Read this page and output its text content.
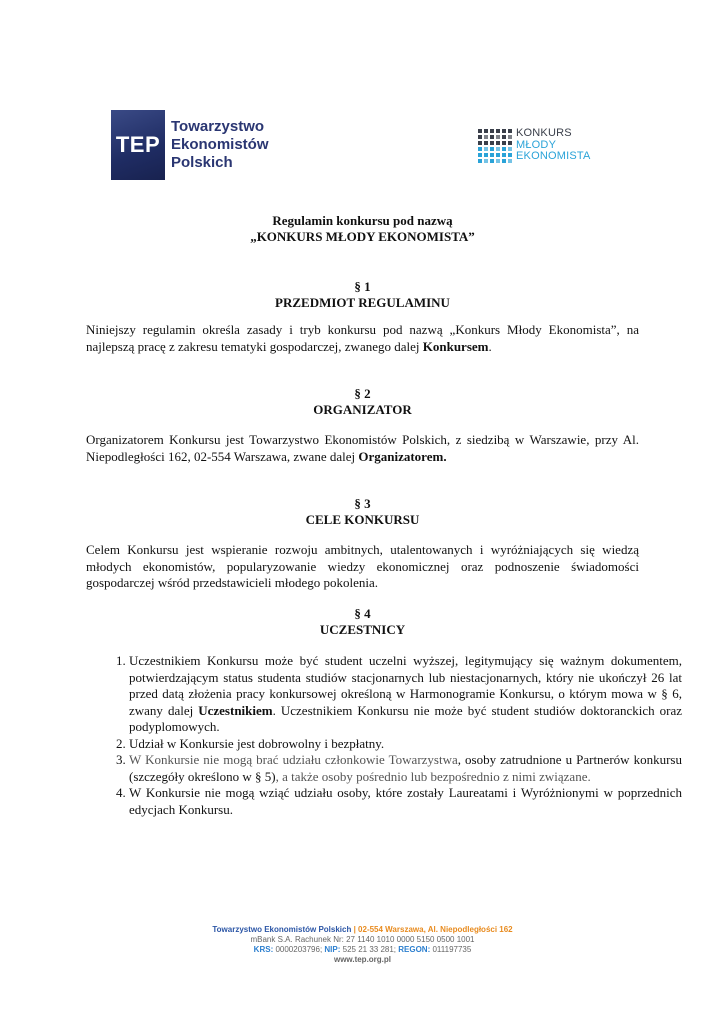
TEP
Towarzystwo
Ekonomistów
Polskich
KONKURS
MŁODY
EKONOMISTA
Regulamin konkursu pod nazwą
„KONKURS MŁODY EKONOMISTA”
§ 1
PRZEDMIOT REGULAMINU
Niniejszy regulamin określa zasady i tryb konkursu pod nazwą „Konkurs Młody Ekonomista”, na najlepszą pracę z zakresu tematyki gospodarczej, zwanego dalej Konkursem.
§ 2
ORGANIZATOR
Organizatorem Konkursu jest Towarzystwo Ekonomistów Polskich, z siedzibą w Warszawie, przy Al. Niepodległości 162, 02-554 Warszawa, zwane dalej Organizatorem.
§ 3
CELE KONKURSU
Celem Konkursu jest wspieranie rozwoju ambitnych, utalentowanych i wyróżniających się wiedzą młodych ekonomistów, popularyzowanie wiedzy ekonomicznej oraz podnoszenie świadomości gospodarczej wśród przedstawicieli młodego pokolenia.
§ 4
UCZESTNICY
1. Uczestnikiem Konkursu może być student uczelni wyższej, legitymujący się ważnym dokumentem, potwierdzającym status studenta studiów stacjonarnych lub niestacjonarnych, który nie ukończył 26 lat przed datą złożenia pracy konkursowej określoną w Harmonogramie Konkursu, o którym mowa w § 6, zwany dalej Uczestnikiem. Uczestnikiem Konkursu nie może być student studiów doktoranckich oraz podyplomowych.
2. Udział w Konkursie jest dobrowolny i bezpłatny.
3. W Konkursie nie mogą brać udziału członkowie Towarzystwa, osoby zatrudnione u Partnerów konkursu (szczegóły określono w § 5), a także osoby pośrednio lub bezpośrednio z nimi związane.
4. W Konkursie nie mogą wziąć udziału osoby, które zostały Laureatami i Wyróżnionymi w poprzednich edycjach Konkursu.
Towarzystwo Ekonomistów Polskich | 02-554 Warszawa, Al. Niepodległości 162
mBank S.A. Rachunek Nr: 27 1140 1010 0000 5150 0500 1001
KRS: 0000203796; NIP: 525 21 33 281; REGON: 011197735
www.tep.org.pl
